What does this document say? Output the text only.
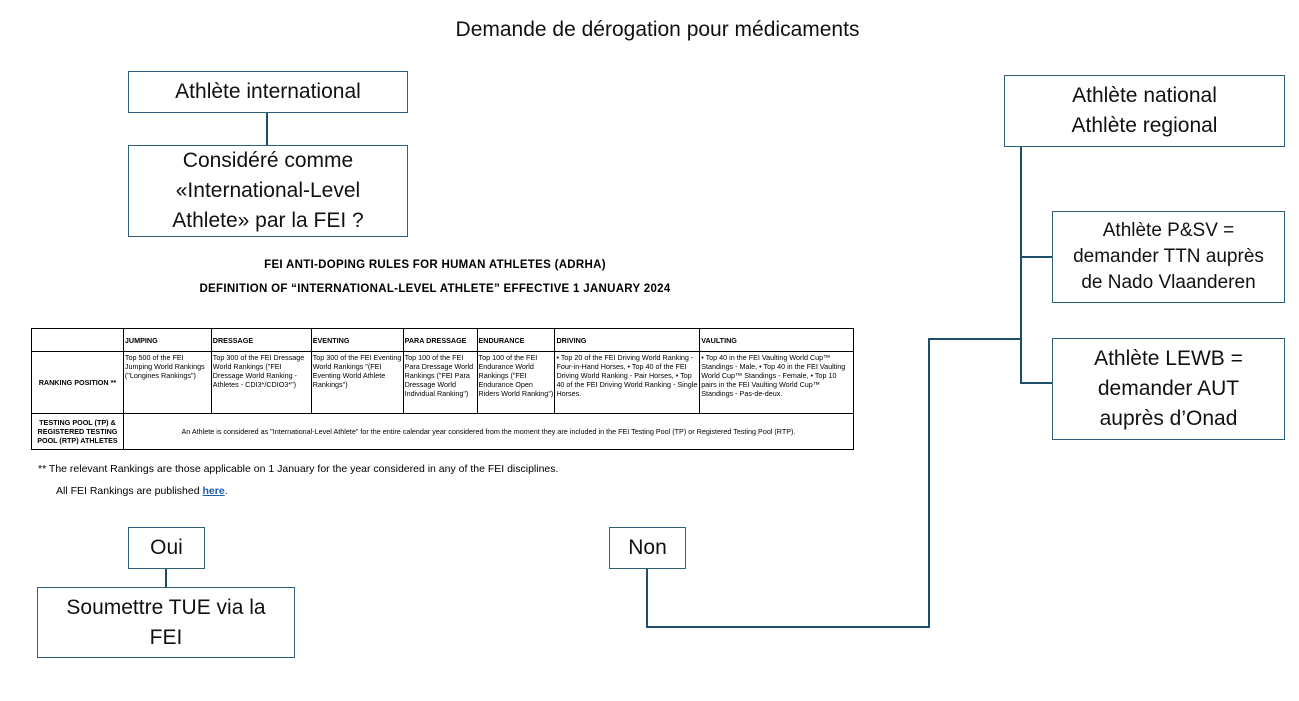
Demande de dérogation pour médicaments
Athlète international
Considéré comme
«International-Level
Athlete» par la FEI ?
Athlète national
Athlète regional
Athlète P&SV =
demander TTN auprès
de Nado Vlaanderen
Athlète LEWB =
demander AUT
auprès d’Onad
Oui	Non
Soumettre TUE via la
FEI
FEI ANTI-DOPING RULES FOR HUMAN ATHLETES (ADRHA)
DEFINITION OF “INTERNATIONAL-LEVEL ATHLETE” EFFECTIVE 1 JANUARY 2024
	JUMPING	DRESSAGE	EVENTING	PARA DRESSAGE	ENDURANCE	DRIVING	VAULTING
RANKING POSITION **	Top 500 of the FEI Jumping World Rankings ("Longines Rankings")	Top 300 of the FEI Dressage World Rankings ("FEI Dressage World Ranking - Athletes - CDI3*/CDIO3*")	Top 300 of the FEI Eventing World Rankings "(FEI Eventing World Athlete Rankings")	Top 100 of the FEI Para Dressage World Rankings ("FEI Para Dressage World Individual Ranking")	Top 100 of the FEI Endurance World Rankings ("FEI Endurance Open Riders World Ranking")	• Top 20 of the FEI Driving World Ranking - Four-in-Hand Horses, • Top 40 of the FEI Driving World Ranking - Pair Horses, • Top 40 of the FEI Driving World Ranking - Single Horses.	• Top 40 in the FEI Vaulting World Cup™ Standings - Male, • Top 40 in the FEI Vaulting World Cup™ Standings - Female, • Top 10 pairs in the FEI Vaulting World Cup™ Standings - Pas-de-deux.
TESTING POOL (TP) & REGISTERED TESTING POOL (RTP) ATHLETES	An Athlete is considered as "International-Level Athlete" for the entire calendar year considered from the moment they are included in the FEI Testing Pool (TP) or Registered Testing Pool (RTP).						
** The relevant Rankings are those applicable on 1 January for the year considered in any of the FEI disciplines.
All FEI Rankings are published here.
